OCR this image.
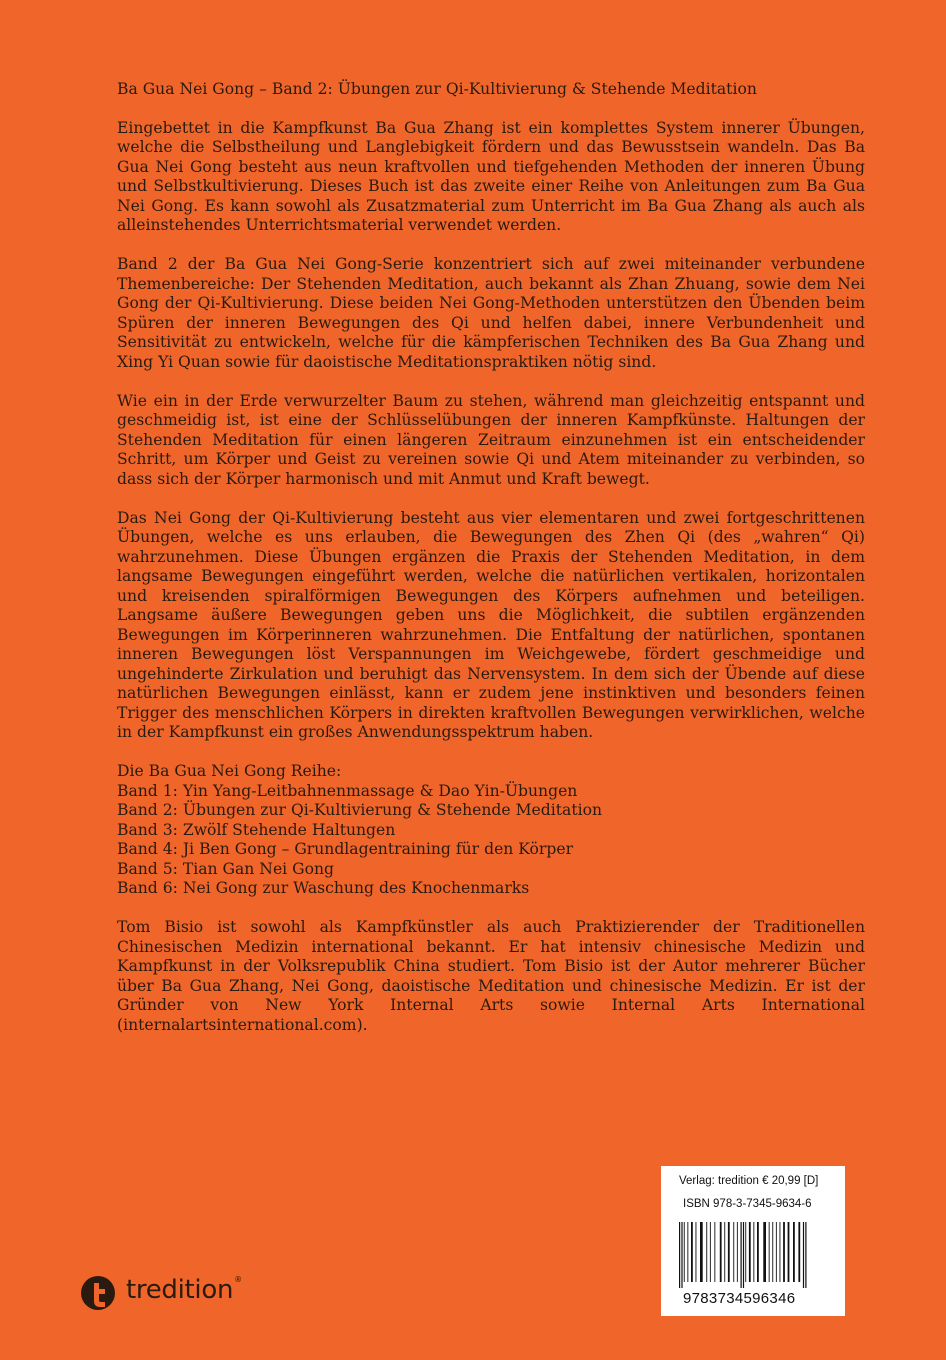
Ba Gua Nei Gong – Band 2: Übungen zur Qi-Kultivierung & Stehende Meditation

Eingebettet in die Kampfkunst Ba Gua Zhang ist ein komplettes System innerer Übungen, welche die Selbstheilung und Langlebigkeit fördern und das Bewusstsein wandeln. Das Ba Gua Nei Gong besteht aus neun kraftvollen und tiefgehenden Methoden der inneren Übung und Selbstkultivierung. Dieses Buch ist das zweite einer Reihe von Anleitungen zum Ba Gua Nei Gong. Es kann sowohl als Zusatzmaterial zum Unterricht im Ba Gua Zhang als auch als alleinstehendes Unterrichtsmaterial verwendet werden.

Band 2 der Ba Gua Nei Gong-Serie konzentriert sich auf zwei miteinander verbundene Themenbereiche: Der Stehenden Meditation, auch bekannt als Zhan Zhuang, sowie dem Nei Gong der Qi-Kultivierung. Diese beiden Nei Gong-Methoden unterstützen den Übenden beim Spüren der inneren Bewegungen des Qi und helfen dabei, innere Verbundenheit und Sensitivität zu entwickeln, welche für die kämpferischen Techniken des Ba Gua Zhang und Xing Yi Quan sowie für daoistische Meditationspraktiken nötig sind.

Wie ein in der Erde verwurzelter Baum zu stehen, während man gleichzeitig entspannt und geschmeidig ist, ist eine der Schlüsselübungen der inneren Kampfkünste. Haltungen der Stehenden Meditation für einen längeren Zeitraum einzunehmen ist ein entscheidender Schritt, um Körper und Geist zu vereinen sowie Qi und Atem miteinander zu verbinden, so dass sich der Körper harmonisch und mit Anmut und Kraft bewegt.

Das Nei Gong der Qi-Kultivierung besteht aus vier elementaren und zwei fortgeschrittenen Übungen, welche es uns erlauben, die Bewegungen des Zhen Qi (des „wahren“ Qi) wahrzunehmen. Diese Übungen ergänzen die Praxis der Stehenden Meditation, in dem langsame Bewegungen eingeführt werden, welche die natürlichen vertikalen, horizontalen und kreisenden spiralförmigen Bewegungen des Körpers aufnehmen und beteiligen. Langsame äußere Bewegungen geben uns die Möglichkeit, die subtilen ergänzenden Bewegungen im Körperinneren wahrzunehmen. Die Entfaltung der natürlichen, spontanen inneren Bewegungen löst Verspannungen im Weichgewebe, fördert geschmeidige und ungehinderte Zirkulation und beruhigt das Nervensystem. In dem sich der Übende auf diese natürlichen Bewegungen einlässt, kann er zudem jene instinktiven und besonders feinen Trigger des menschlichen Körpers in direkten kraftvollen Bewegungen verwirklichen, welche in der Kampfkunst ein großes Anwendungsspektrum haben.

Die Ba Gua Nei Gong Reihe:
Band 1: Yin Yang-Leitbahnenmassage & Dao Yin-Übungen
Band 2: Übungen zur Qi-Kultivierung & Stehende Meditation
Band 3: Zwölf Stehende Haltungen
Band 4: Ji Ben Gong – Grundlagentraining für den Körper
Band 5: Tian Gan Nei Gong
Band 6: Nei Gong zur Waschung des Knochenmarks

Tom Bisio ist sowohl als Kampfkünstler als auch Praktizierender der Traditionellen Chinesischen Medizin international bekannt. Er hat intensiv chinesische Medizin und Kampfkunst in der Volksrepublik China studiert. Tom Bisio ist der Autor mehrerer Bücher über Ba Gua Zhang, Nei Gong, daoistische Meditation und chinesische Medizin. Er ist der Gründer von New York Internal Arts sowie Internal Arts International (internalartsinternational.com).

Verlag: tredition € 20,99 [D]
ISBN 978-3-7345-9634-6
9783734596346
tredition®
